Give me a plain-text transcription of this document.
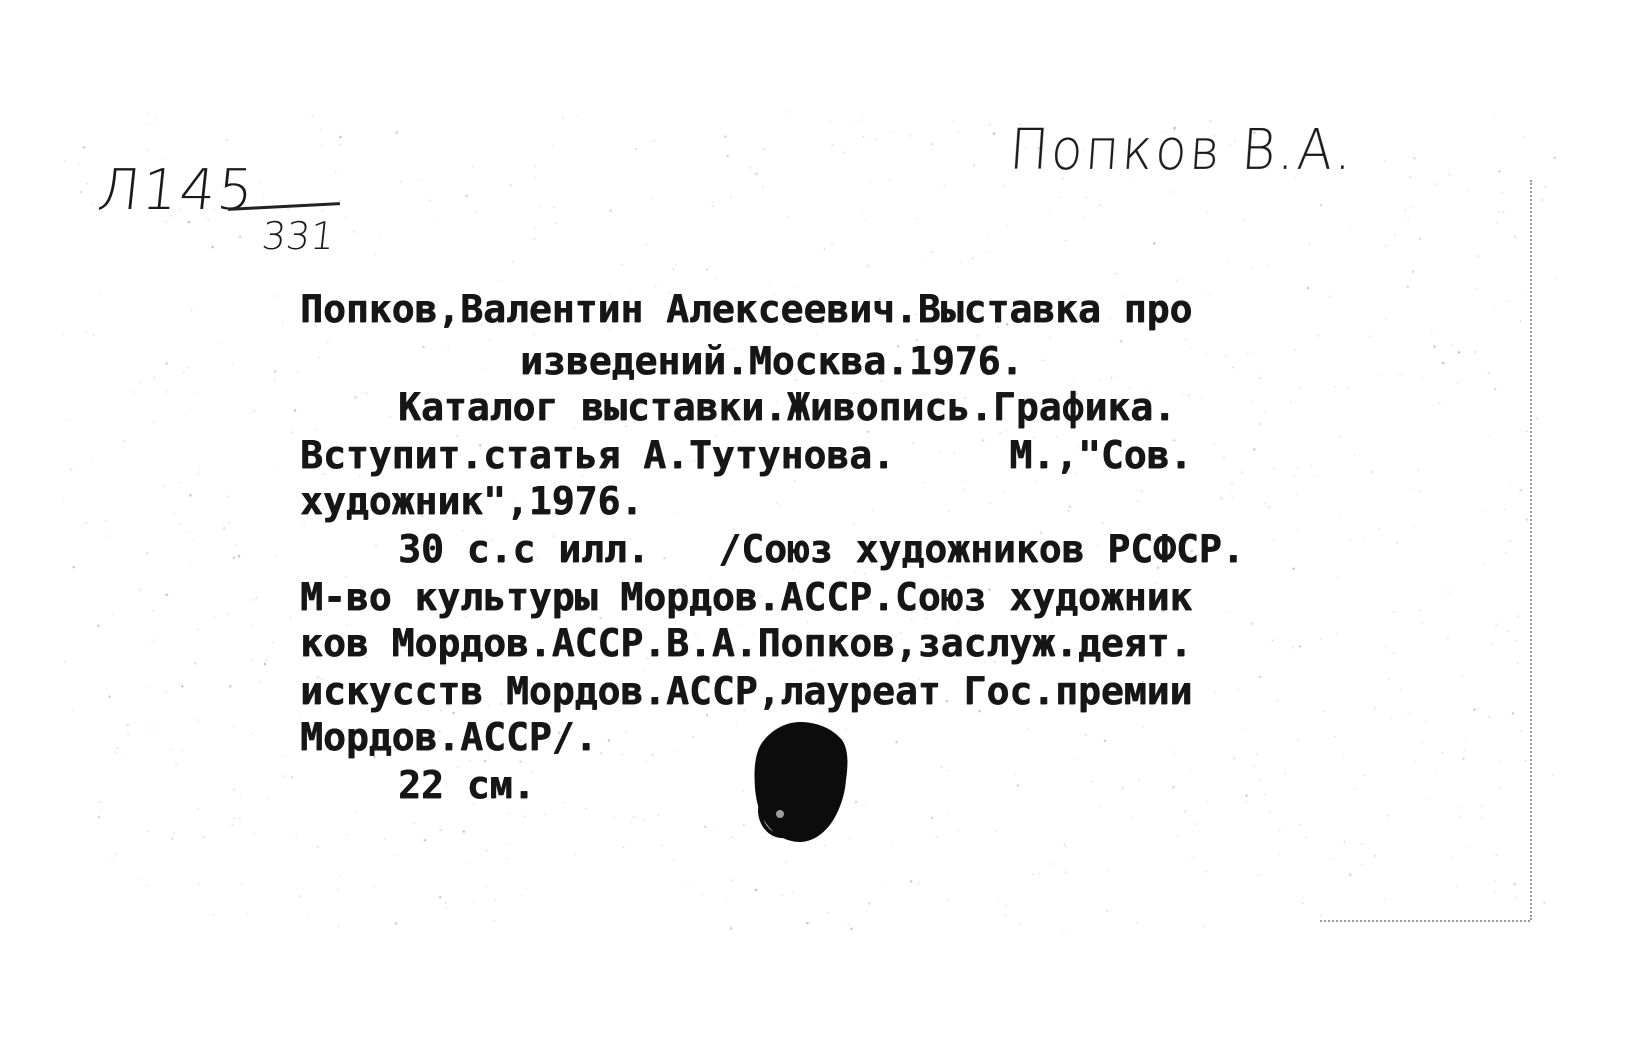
Л145
331
Попков В.А.
Попков,Валентин Алексеевич.Выставка про
изведений.Москва.1976.
Каталог выставки.Живопись.Графика.
Вступит.статья А.Тутунова.     М.,"Сов.
художник",1976.
30 с.с илл.   /Союз художников РСФСР.
М-во культуры Мордов.АССР.Союз художник
ков Мордов.АССР.В.А.Попков,заслуж.деят.
искусств Мордов.АССР,лауреат Гос.премии
Мордов.АССР/.
22 см.
